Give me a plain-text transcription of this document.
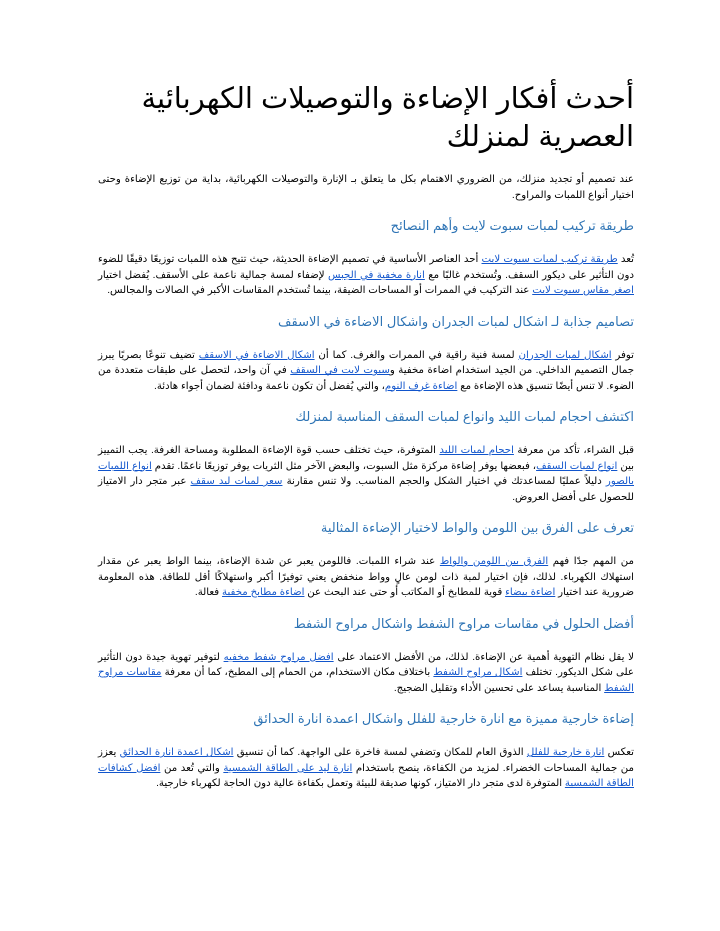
أحدث أفكار الإضاءة والتوصيلات الكهربائية العصرية لمنزلك

عند تصميم أو تجديد منزلك، من الضروري الاهتمام بكل ما يتعلق بـ الإنارة والتوصيلات الكهربائية، بداية من توزيع الإضاءة وحتى اختيار أنواع اللمبات والمراوح.

طريقة تركيب لمبات سبوت لايت وأهم النصائح

تُعد طريقة تركيب لمبات سبوت لايت أحد العناصر الأساسية في تصميم الإضاءة الحديثة، حيث تتيح هذه اللمبات توزيعًا دقيقًا للضوء دون التأثير على ديكور السقف. وتُستخدم غالبًا مع انارة مخفية في الجبس لإضفاء لمسة جمالية ناعمة على الأسقف. يُفضل اختيار اصغر مقاس سبوت لايت عند التركيب في الممرات أو المساحات الضيقة، بينما تُستخدم المقاسات الأكبر في الصالات والمجالس.

تصاميم جذابة لـ اشكال لمبات الجدران واشكال الاضاءة في الاسقف

توفر اشكال لمبات الجدران لمسة فنية راقية في الممرات والغرف. كما أن اشكال الاضاءة في الاسقف تضيف تنوعًا بصريًا يبرز جمال التصميم الداخلي. من الجيد استخدام اضاءة مخفية وسبوت لايت في السقف في آن واحد، لتحصل على طبقات متعددة من الضوء. لا تنس أيضًا تنسيق هذه الإضاءة مع اضاءة غرف النوم، والتي يُفضل أن تكون ناعمة ودافئة لضمان أجواء هادئة.

اكتشف احجام لمبات الليد وانواع لمبات السقف المناسبة لمنزلك

قبل الشراء، تأكد من معرفة احجام لمبات الليد المتوفرة، حيث تختلف حسب قوة الإضاءة المطلوبة ومساحة الغرفة. يجب التمييز بين انواع لمبات السقف، فبعضها يوفر إضاءة مركزة مثل السبوت، والبعض الآخر مثل الثريات يوفر توزيعًا ناعمًا. تقدم انواع اللمبات بالصور دليلاً عمليًا لمساعدتك في اختيار الشكل والحجم المناسب. ولا تنس مقارنة سعر لمبات ليد سقف عبر متجر دار الامتياز للحصول على أفضل العروض.

تعرف على الفرق بين اللومن والواط لاختيار الإضاءة المثالية

من المهم جدًا فهم الفرق بين اللومن والواط عند شراء اللمبات. فاللومن يعبر عن شدة الإضاءة، بينما الواط يعبر عن مقدار استهلاك الكهرباء. لذلك، فإن اختيار لمبة ذات لومن عالٍ وواط منخفض يعني توفيرًا أكبر واستهلاكًا أقل للطاقة. هذه المعلومة ضرورية عند اختيار اضاءة بيضاء قوية للمطابخ أو المكاتب أو حتى عند البحث عن اضاءة مطابخ مخفية فعالة.

أفضل الحلول في مقاسات مراوح الشفط واشكال مراوح الشفط

لا يقل نظام التهوية أهمية عن الإضاءة. لذلك، من الأفضل الاعتماد على افضل مراوح شفط مخفيه لتوفير تهوية جيدة دون التأثير على شكل الديكور. تختلف اشكال مراوح الشفط باختلاف مكان الاستخدام، من الحمام إلى المطبخ، كما أن معرفة مقاسات مراوح الشفط المناسبة يساعد على تحسين الأداء وتقليل الضجيج.

إضاءة خارجية مميزة مع انارة خارجية للفلل واشكال اعمدة انارة الحدائق

تعكس انارة خارجية للفلل الذوق العام للمكان وتضفي لمسة فاخرة على الواجهة. كما أن تنسيق اشكال اعمدة انارة الحدائق يعزز من جمالية المساحات الخضراء. لمزيد من الكفاءة، ينصح باستخدام انارة ليد على الطاقة الشمسية والتي تُعد من افضل كشافات الطاقة الشمسية المتوفرة لدى متجر دار الامتياز، كونها صديقة للبيئة وتعمل بكفاءة عالية دون الحاجة لكهرباء خارجية.
